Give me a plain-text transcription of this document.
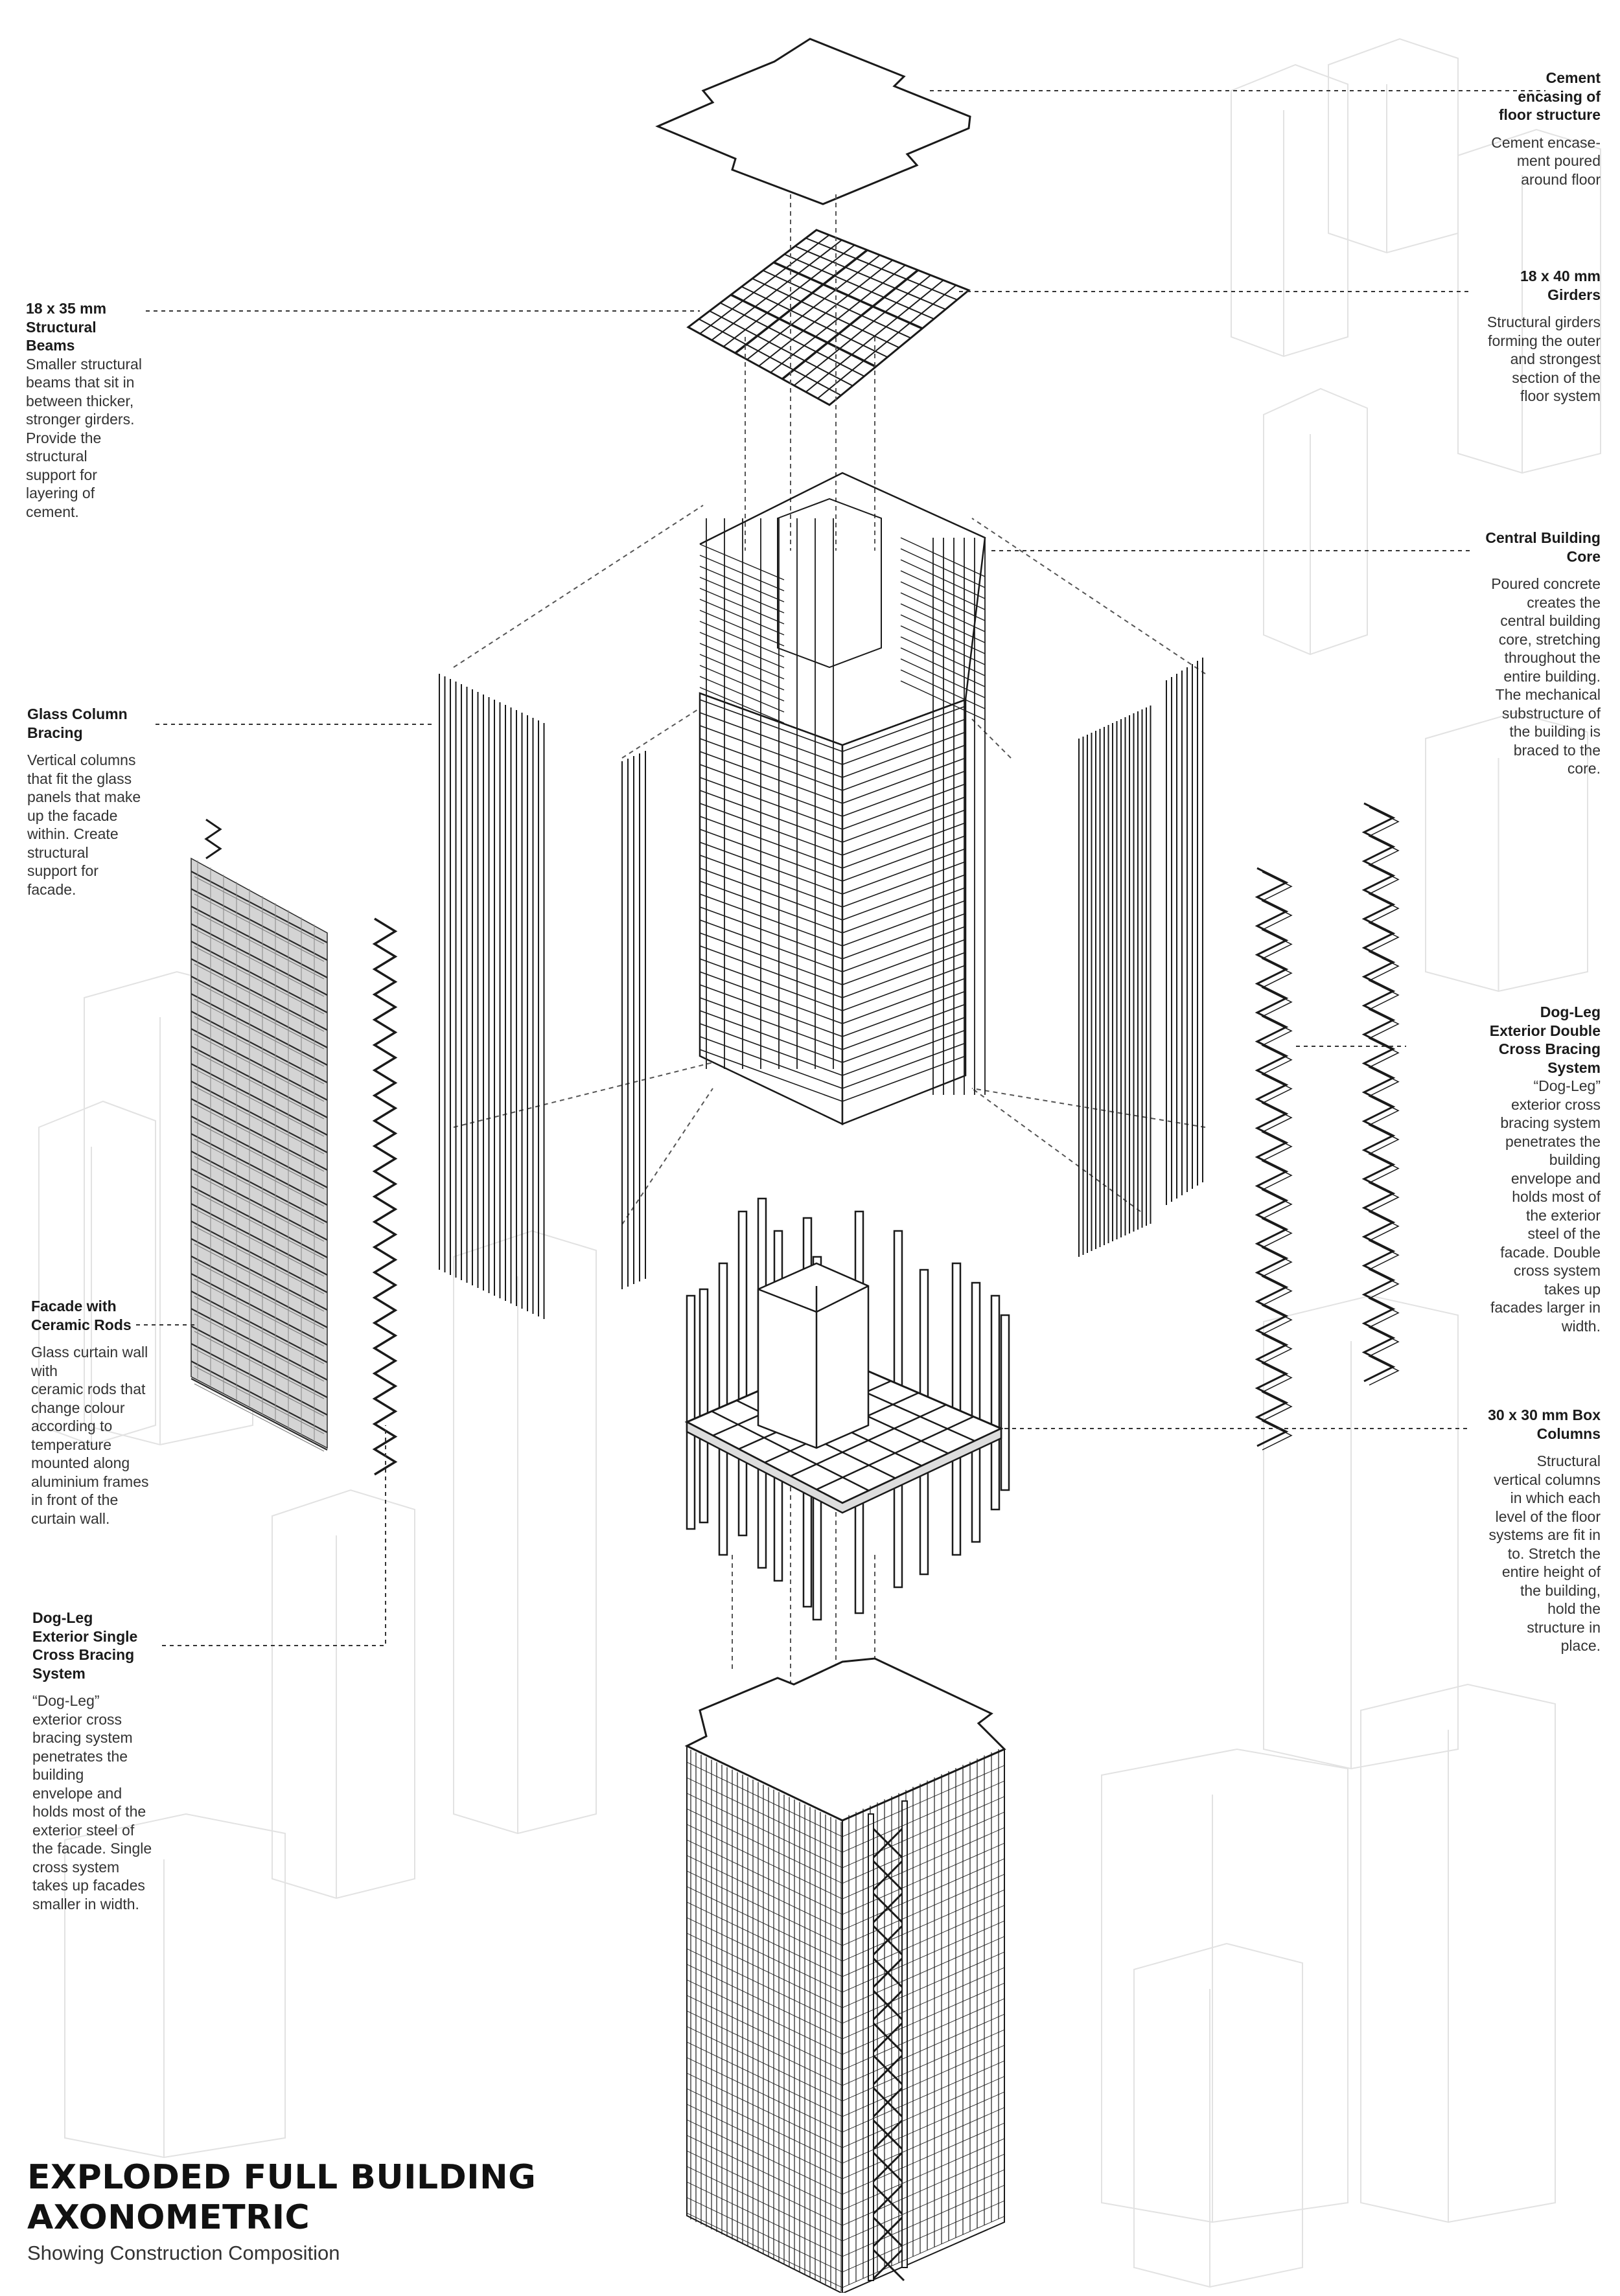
Cement
encasing of
floor structure
Cement encase-
ment poured
around floor
18 x 40 mm
Girders
Structural girders
forming the outer
and strongest
section of the
floor system
18 x 35 mm
Structural
Beams
Smaller structural
beams that sit in
between thicker,
stronger girders.
Provide the
structural
support for
layering of
cement.
Central Building
Core
Poured concrete
creates the
central building
core, stretching
throughout the
entire building.
The mechanical
substructure of
the building is
braced to the
core.
Glass Column
Bracing
Vertical columns
that fit the glass
panels that make
up the facade
within. Create
structural
support for
facade.
Dog-Leg
Exterior Double
Cross Bracing
System
“Dog-Leg”
exterior cross
bracing system
penetrates the
building
envelope and
holds most of
the exterior
steel of the
facade. Double
cross system
takes up
facades larger in
width.
Facade with
Ceramic Rods
Glass curtain wall
with
ceramic rods that
change colour
according to
temperature
mounted along
aluminium frames
in front of the
curtain wall.
30 x 30 mm Box
Columns
Structural
vertical columns
in which each
level of the floor
systems are fit in
to. Stretch the
entire height of
the building,
hold the
structure in
place.
Dog-Leg
Exterior Single
Cross Bracing
System
“Dog-Leg”
exterior cross
bracing system
penetrates the
building
envelope and
holds most of the
exterior steel of
the facade. Single
cross system
takes up facades
smaller in width.
EXPLODED FULL BUILDING
AXONOMETRIC
Showing Construction Composition
